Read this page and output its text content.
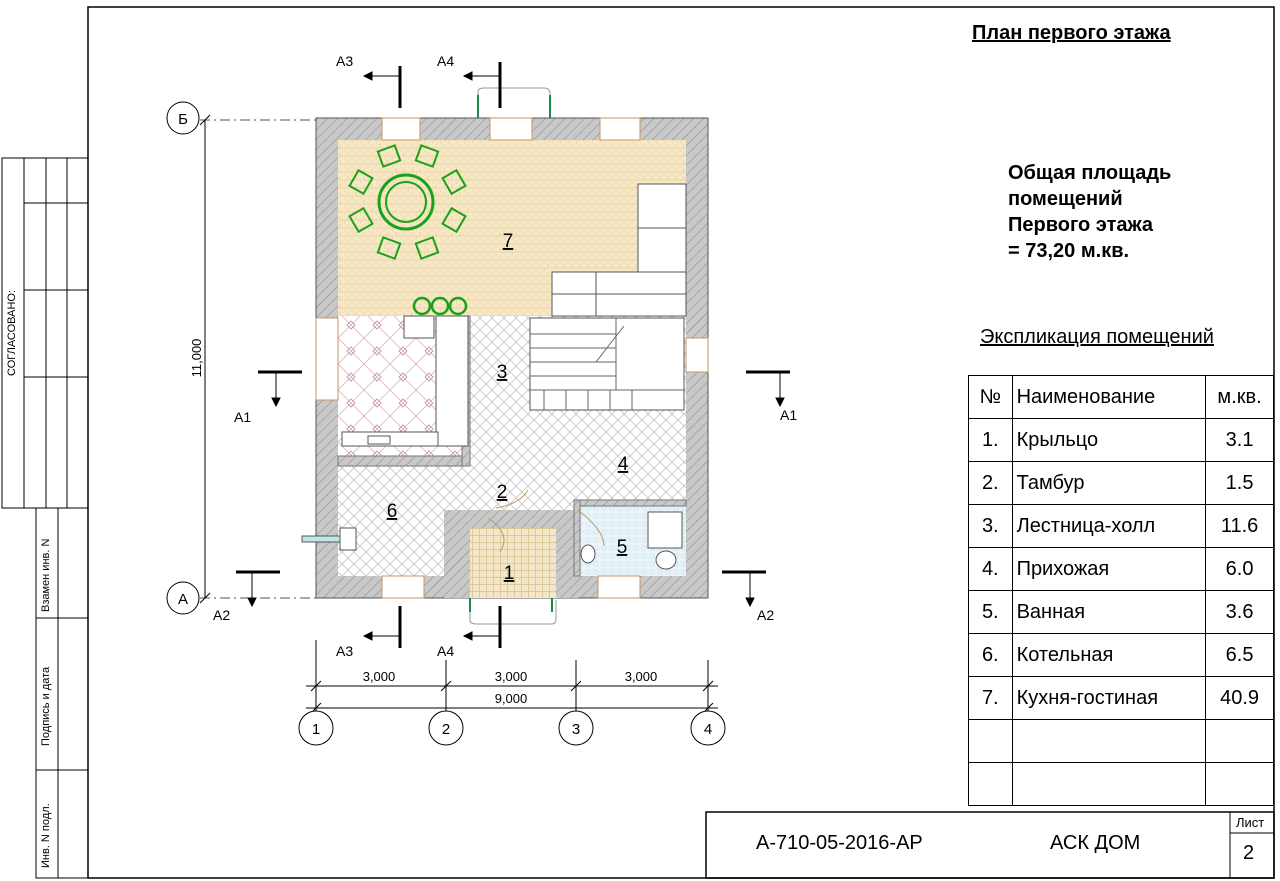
Б
А
1	2	3	4
3,000	3,000	3,000
9,000
11,000
А3	А4
А3	А4
А1	А1
А2	А2
7
3
4
2
6
1
5
План первого этажа
Общая площадь
помещений
Первого этажа
= 73,20 м.кв.
Экспликация помещений
№	Наименование	м.кв.
1.	Крыльцо	3.1
2.	Тамбур	1.5
3.	Лестница-холл	11.6
4.	Прихожая	6.0
5.	Ванная	3.6
6.	Котельная	6.5
7.	Кухня-гостиная	40.9

А-710-05-2016-АР	АСК ДОМ
Лист
2
СОГЛАСОВАНО:
Взамен инв. N
Подпись и дата
Инв. N подл.
